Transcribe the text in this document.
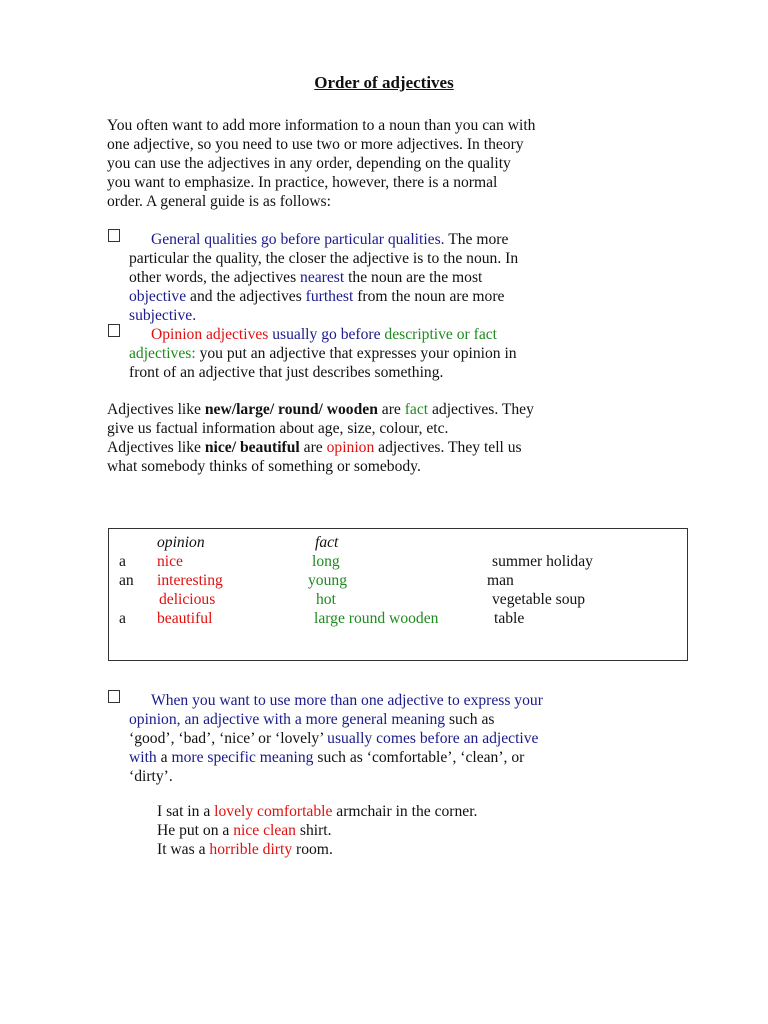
Order of adjectives
You often want to add more information to a noun than you can with
one adjective, so you need to use two or more adjectives. In theory
you can use the adjectives in any order, depending on the quality
you want to emphasize. In practice, however, there is a normal
order. A general guide is as follows:
General qualities go before particular qualities. The more
particular the quality, the closer the adjective is to the noun. In
other words, the adjectives nearest the noun are the most
objective and the adjectives furthest from the noun are more
subjective.
Opinion adjectives usually go before descriptive or fact
adjectives: you put an adjective that expresses your opinion in
front of an adjective that just describes something.
Adjectives like new/large/ round/ wooden are fact adjectives. They
give us factual information about age, size, colour, etc.
Adjectives like nice/ beautiful are opinion adjectives. They tell us
what somebody thinks of something or somebody.
opinion	fact
a nice	long	summer holiday
an interesting	young	man
delicious	hot	vegetable soup
a beautiful	large round wooden	table
When you want to use more than one adjective to express your
opinion, an adjective with a more general meaning such as
‘good’, ‘bad’, ‘nice’ or ‘lovely’ usually comes before an adjective
with a more specific meaning such as ‘comfortable’, ‘clean’, or
‘dirty’.
I sat in a lovely comfortable armchair in the corner.
He put on a nice clean shirt.
It was a horrible dirty room.
